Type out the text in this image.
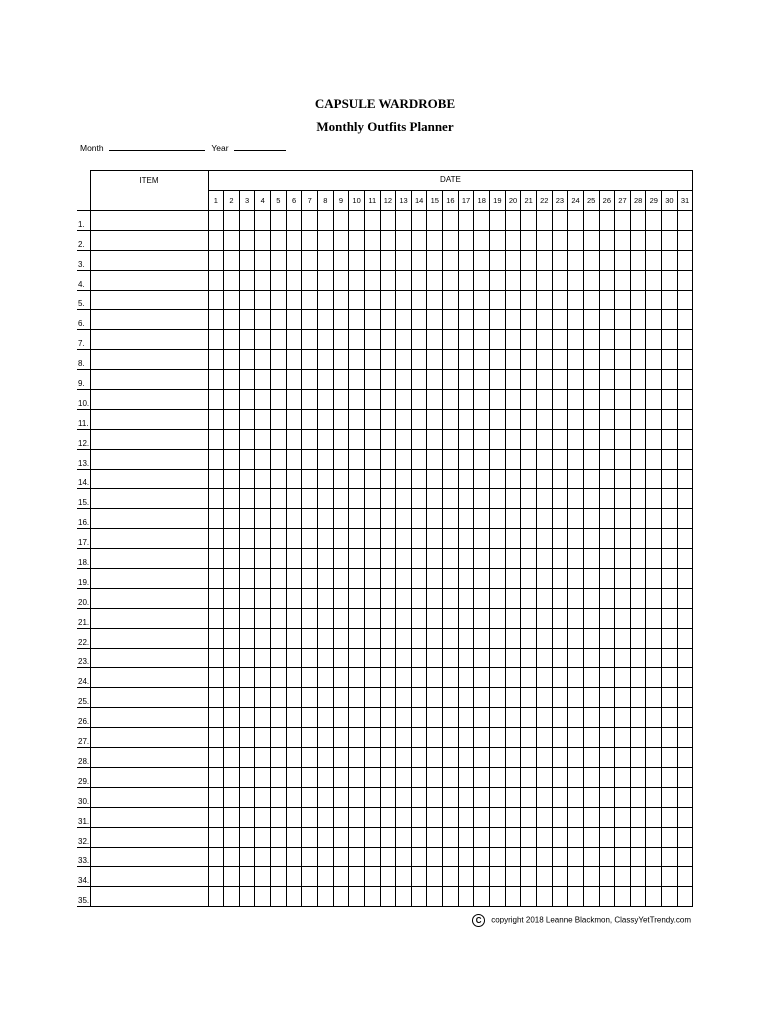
CAPSULE WARDROBE
Monthly Outfits Planner
Month	Year
	ITEM	DATE																														
		1	2	3	4	5	6	7	8	9	10	11	12	13	14	15	16	17	18	19	20	21	22	23	24	25	26	27	28	29	30	31
1.																																
2.																																
3.																																
4.																																
5.																																
6.																																
7.																																
8.																																
9.																																
10.																																
11.																																
12.																																
13.																																
14.																																
15.																																
16.																																
17.																																
18.																																
19.																																
20.																																
21.																																
22.																																
23.																																
24.																																
25.																																
26.																																
27.																																
28.																																
29.																																
30.																																
31.																																
32.																																
33.																																
34.																																
35.																																
C copyright 2018 Leanne Blackmon, ClassyYetTrendy.com
